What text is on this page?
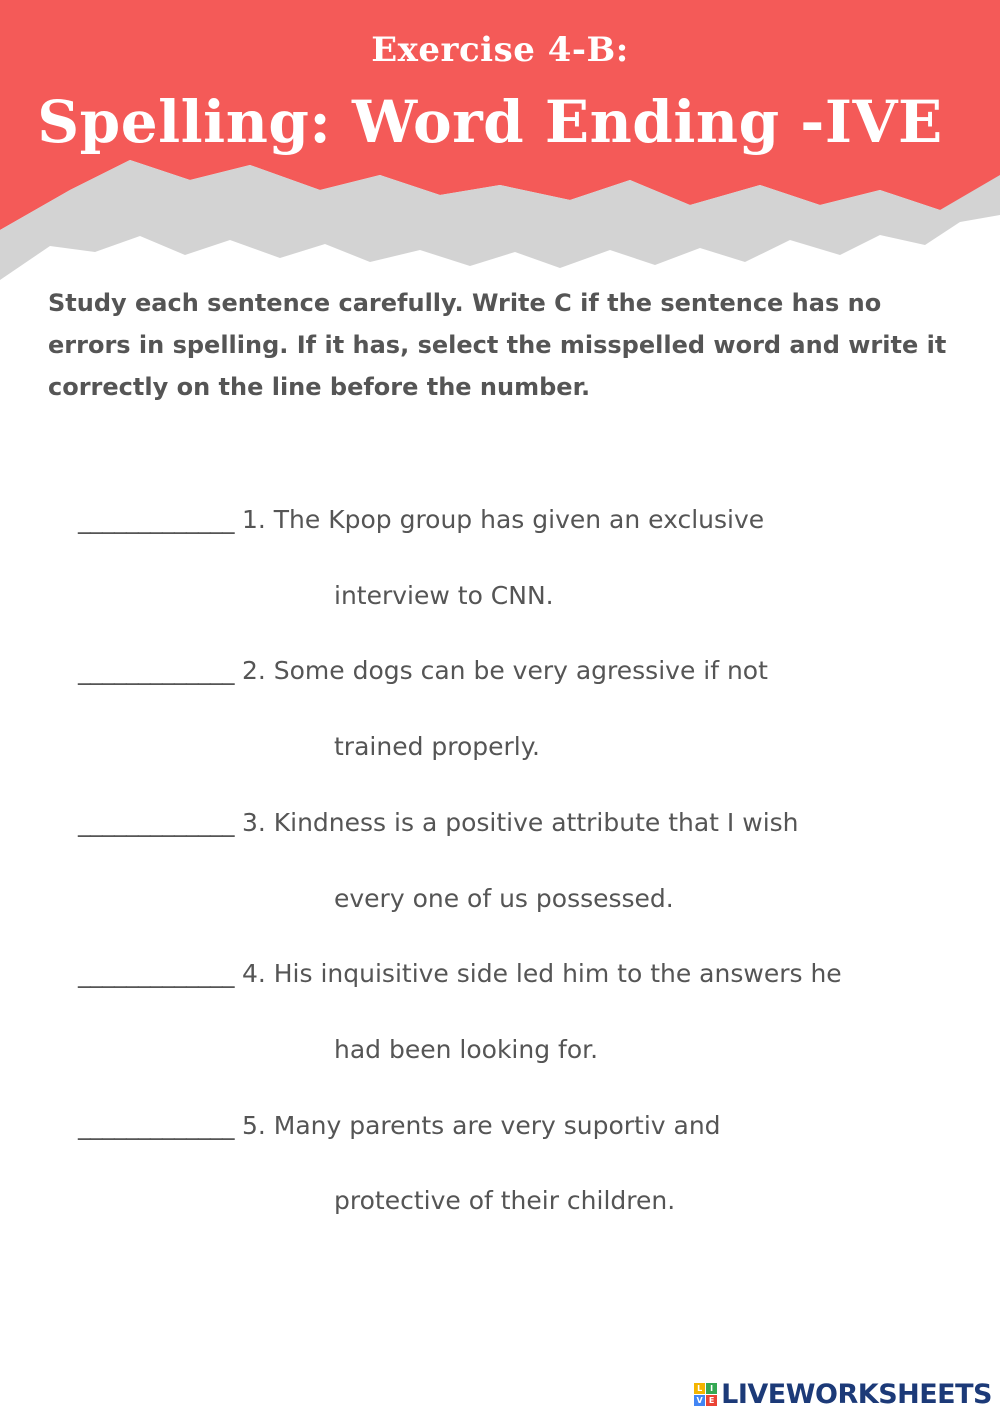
Exercise 4-B:
Spelling: Word Ending -IVE
Study each sentence carefully. Write C if the sentence has no errors in spelling. If it has, select the misspelled word and write it correctly on the line before the number.
_____________ 1. The Kpop group has given an exclusive
interview to CNN.
_____________ 2. Some dogs can be very agressive if not
trained properly.
_____________ 3. Kindness is a positive attribute that I wish
every one of us possessed.
_____________ 4. His inquisitive side led him to the answers he
had been looking for.
_____________ 5. Many parents are very suportiv and
protective of their children.
L I
V E LIVEWORKSHEETS
